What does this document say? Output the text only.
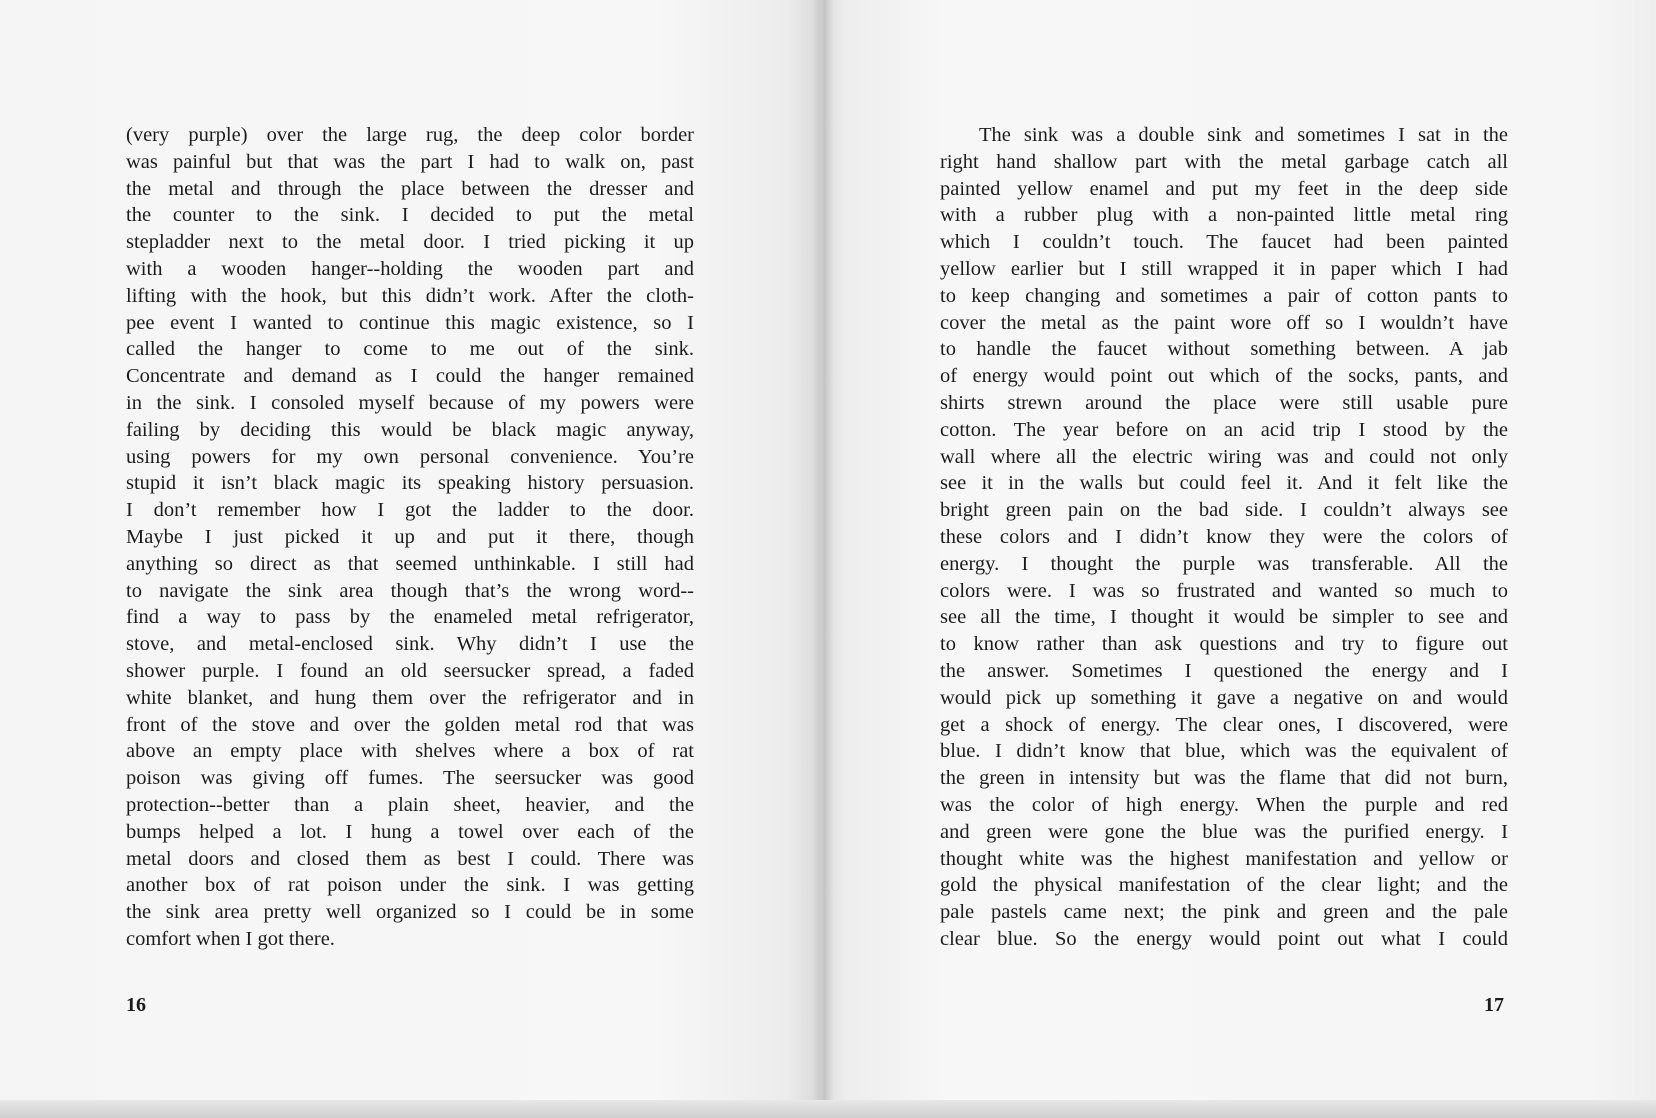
(very purple) over the large rug, the deep color border
was painful but that was the part I had to walk on, past
the metal and through the place between the dresser and
the counter to the sink. I decided to put the metal
stepladder next to the metal door. I tried picking it up
with a wooden hanger--holding the wooden part and
lifting with the hook, but this didn’t work. After the cloth-
pee event I wanted to continue this magic existence, so I
called the hanger to come to me out of the sink.
Concentrate and demand as I could the hanger remained
in the sink. I consoled myself because of my powers were
failing by deciding this would be black magic anyway,
using powers for my own personal convenience. You’re
stupid it isn’t black magic its speaking history persuasion.
I don’t remember how I got the ladder to the door.
Maybe I just picked it up and put it there, though
anything so direct as that seemed unthinkable. I still had
to navigate the sink area though that’s the wrong word--
find a way to pass by the enameled metal refrigerator,
stove, and metal-enclosed sink. Why didn’t I use the
shower purple. I found an old seersucker spread, a faded
white blanket, and hung them over the refrigerator and in
front of the stove and over the golden metal rod that was
above an empty place with shelves where a box of rat
poison was giving off fumes. The seersucker was good
protection--better than a plain sheet, heavier, and the
bumps helped a lot. I hung a towel over each of the
metal doors and closed them as best I could. There was
another box of rat poison under the sink. I was getting
the sink area pretty well organized so I could be in some
comfort when I got there.
16
The sink was a double sink and sometimes I sat in the
right hand shallow part with the metal garbage catch all
painted yellow enamel and put my feet in the deep side
with a rubber plug with a non-painted little metal ring
which I couldn’t touch. The faucet had been painted
yellow earlier but I still wrapped it in paper which I had
to keep changing and sometimes a pair of cotton pants to
cover the metal as the paint wore off so I wouldn’t have
to handle the faucet without something between. A jab
of energy would point out which of the socks, pants, and
shirts strewn around the place were still usable pure
cotton. The year before on an acid trip I stood by the
wall where all the electric wiring was and could not only
see it in the walls but could feel it. And it felt like the
bright green pain on the bad side. I couldn’t always see
these colors and I didn’t know they were the colors of
energy. I thought the purple was transferable. All the
colors were. I was so frustrated and wanted so much to
see all the time, I thought it would be simpler to see and
to know rather than ask questions and try to figure out
the answer. Sometimes I questioned the energy and I
would pick up something it gave a negative on and would
get a shock of energy. The clear ones, I discovered, were
blue. I didn’t know that blue, which was the equivalent of
the green in intensity but was the flame that did not burn,
was the color of high energy. When the purple and red
and green were gone the blue was the purified energy. I
thought white was the highest manifestation and yellow or
gold the physical manifestation of the clear light; and the
pale pastels came next; the pink and green and the pale
clear blue. So the energy would point out what I could
17
